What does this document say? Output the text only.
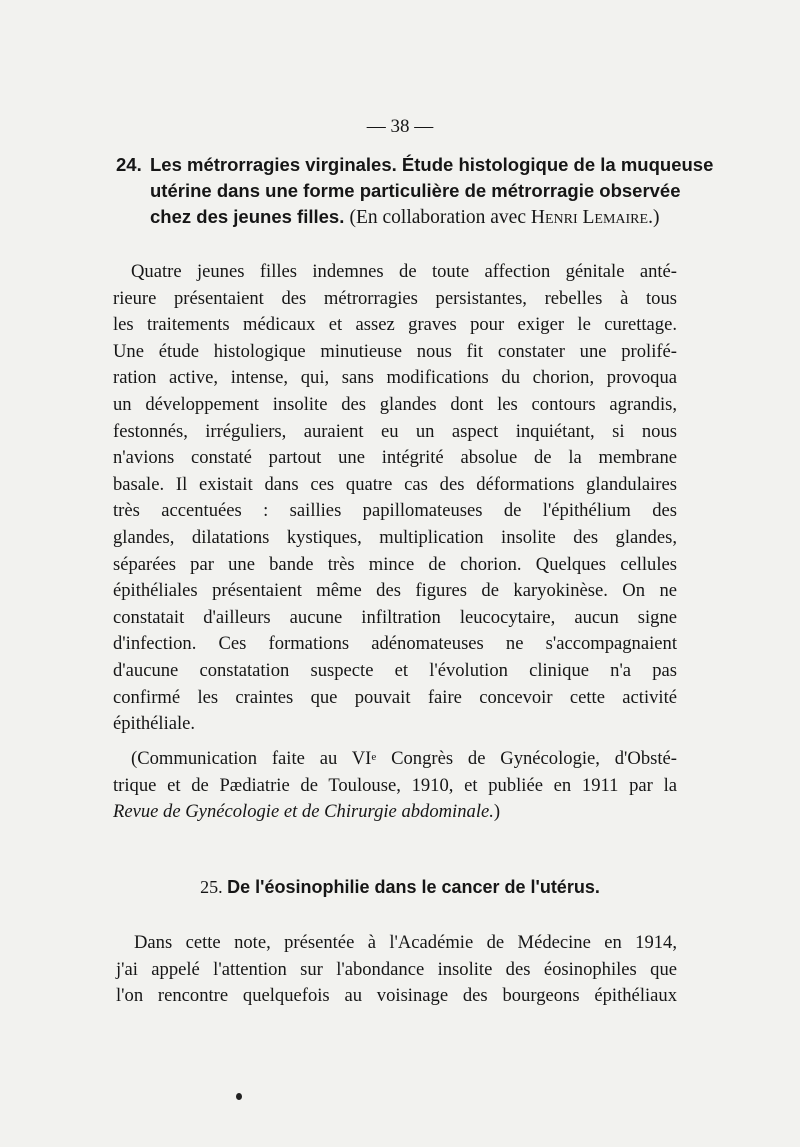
— 38 —
24. Les métrorragies virginales. Étude histologique de la muqueuse
utérine dans une forme particulière de métrorragie observée
chez des jeunes filles. (En collaboration avec Henri Lemaire.)
Quatre jeunes filles indemnes de toute affection génitale anté-
rieure présentaient des métrorragies persistantes, rebelles à tous
les traitements médicaux et assez graves pour exiger le curettage.
Une étude histologique minutieuse nous fit constater une prolifé-
ration active, intense, qui, sans modifications du chorion, provoqua
un développement insolite des glandes dont les contours agrandis,
festonnés, irréguliers, auraient eu un aspect inquiétant, si nous
n'avions constaté partout une intégrité absolue de la membrane
basale. Il existait dans ces quatre cas des déformations glandulaires
très accentuées : saillies papillomateuses de l'épithélium des
glandes, dilatations kystiques, multiplication insolite des glandes,
séparées par une bande très mince de chorion. Quelques cellules
épithéliales présentaient même des figures de karyokinèse. On ne
constatait d'ailleurs aucune infiltration leucocytaire, aucun signe
d'infection. Ces formations adénomateuses ne s'accompagnaient
d'aucune constatation suspecte et l'évolution clinique n'a pas
confirmé les craintes que pouvait faire concevoir cette activité
épithéliale.
(Communication faite au VIe Congrès de Gynécologie, d'Obsté-
trique et de Pædiatrie de Toulouse, 1910, et publiée en 1911 par la
Revue de Gynécologie et de Chirurgie abdominale.)
25. De l'éosinophilie dans le cancer de l'utérus.
Dans cette note, présentée à l'Académie de Médecine en 1914,
j'ai appelé l'attention sur l'abondance insolite des éosinophiles que
l'on rencontre quelquefois au voisinage des bourgeons épithéliaux
